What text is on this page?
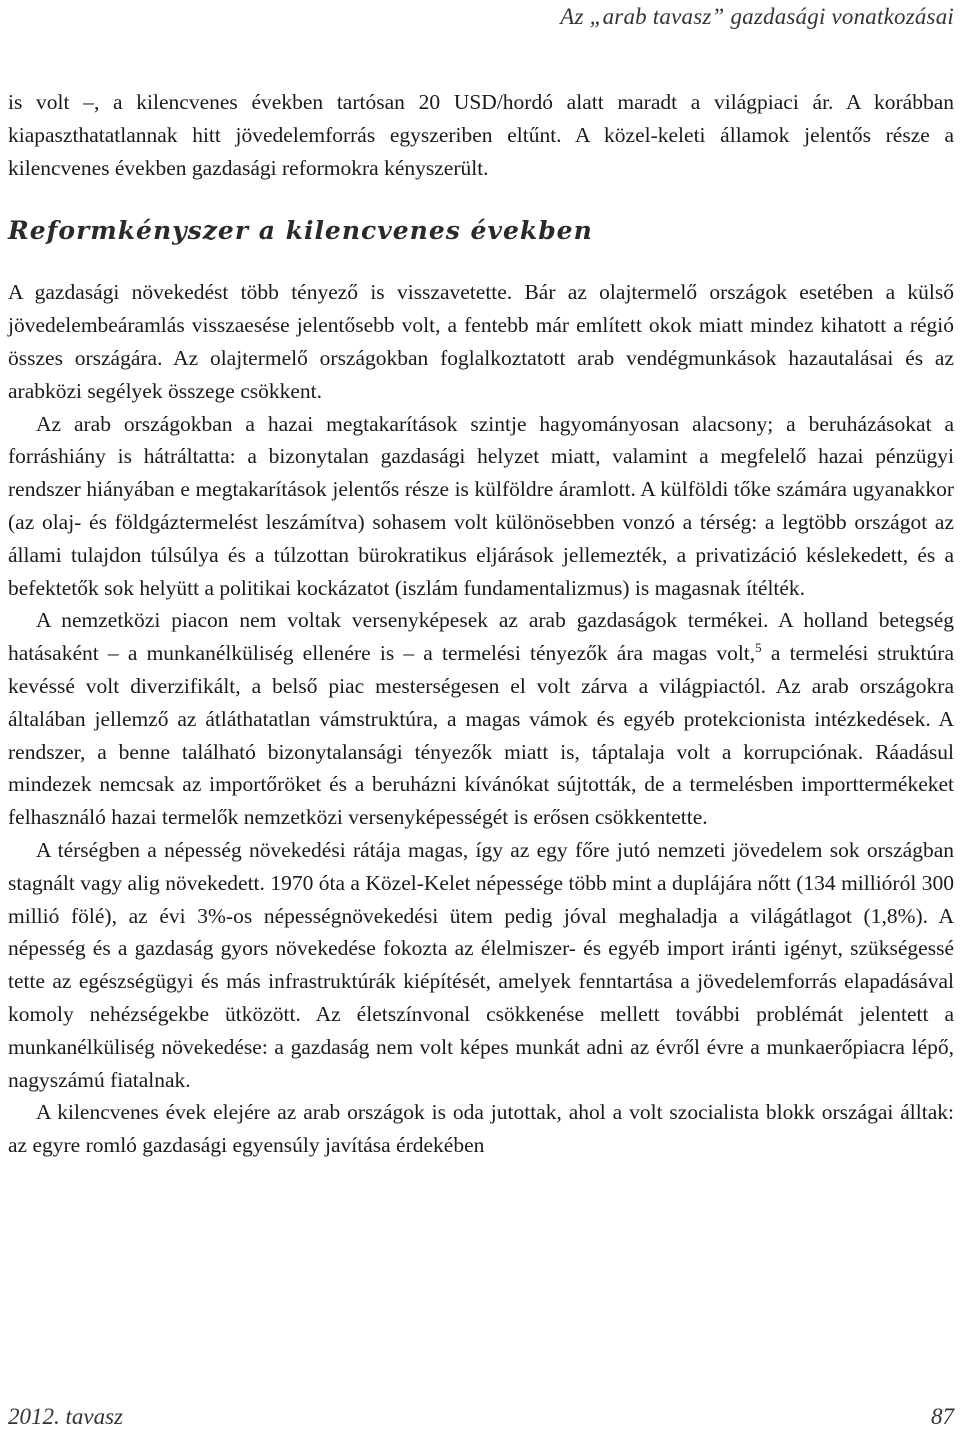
Az „arab tavasz” gazdasági vonatkozásai

is volt –, a kilencvenes években tartósan 20 USD/hordó alatt maradt a világpiaci ár. A korábban kiapaszthatatlannak hitt jövedelemforrás egyszeriben eltűnt. A közel-keleti államok jelentős része a kilencvenes években gazdasági reformokra kényszerült.

Reformkényszer a kilencvenes években

A gazdasági növekedést több tényező is visszavetette. Bár az olajtermelő országok esetében a külső jövedelembeáramlás visszaesése jelentősebb volt, a fentebb már említett okok miatt mindez kihatott a régió összes országára. Az olajtermelő országokban foglalkoztatott arab vendégmunkások hazautalásai és az arabközi segélyek összege csökkent.

Az arab országokban a hazai megtakarítások szintje hagyományosan alacsony; a beruházásokat a forráshiány is hátráltatta: a bizonytalan gazdasági helyzet miatt, valamint a megfelelő hazai pénzügyi rendszer hiányában e megtakarítások jelentős része is külföldre áramlott. A külföldi tőke számára ugyanakkor (az olaj- és földgáztermelést leszámítva) sohasem volt különösebben vonzó a térség: a legtöbb országot az állami tulajdon túlsúlya és a túlzottan bürokratikus eljárások jellemezték, a privatizáció késlekedett, és a befektetők sok helyütt a politikai kockázatot (iszlám fundamentalizmus) is magasnak ítélték.

A nemzetközi piacon nem voltak versenyképesek az arab gazdaságok termékei. A holland betegség hatásaként – a munkanélküliség ellenére is – a termelési tényezők ára magas volt,$^5$ a termelési struktúra kevéssé volt diverzifikált, a belső piac mesterségesen el volt zárva a világpiactól. Az arab országokra általában jellemző az átláthatatlan vámstruktúra, a magas vámok és egyéb protekcionista intézkedések. A rendszer, a benne található bizonytalansági tényezők miatt is, táptalaja volt a korrupciónak. Ráadásul mindezek nemcsak az importőröket és a beruházni kívánókat sújtották, de a termelésben importtermékeket felhasználó hazai termelők nemzetközi versenyképességét is erősen csökkentette.

A térségben a népesség növekedési rátája magas, így az egy főre jutó nemzeti jövedelem sok országban stagnált vagy alig növekedett. 1970 óta a Közel-Kelet népessége több mint a duplájára nőtt (134 millióról 300 millió fölé), az évi 3%-os népességnövekedési ütem pedig jóval meghaladja a világátlagot (1,8%). A népesség és a gazdaság gyors növekedése fokozta az élelmiszer- és egyéb import iránti igényt, szükségessé tette az egészségügyi és más infrastruktúrák kiépítését, amelyek fenntartása a jövedelemforrás elapadásával komoly nehézségekbe ütközött. Az életszínvonal csökkenése mellett további problémát jelentett a munkanélküliség növekedése: a gazdaság nem volt képes munkát adni az évről évre a munkaerőpiacra lépő, nagyszámú fiatalnak.

A kilencvenes évek elejére az arab országok is oda jutottak, ahol a volt szocialista blokk országai álltak: az egyre romló gazdasági egyensúly javítása érdekében

2012. tavasz	87
